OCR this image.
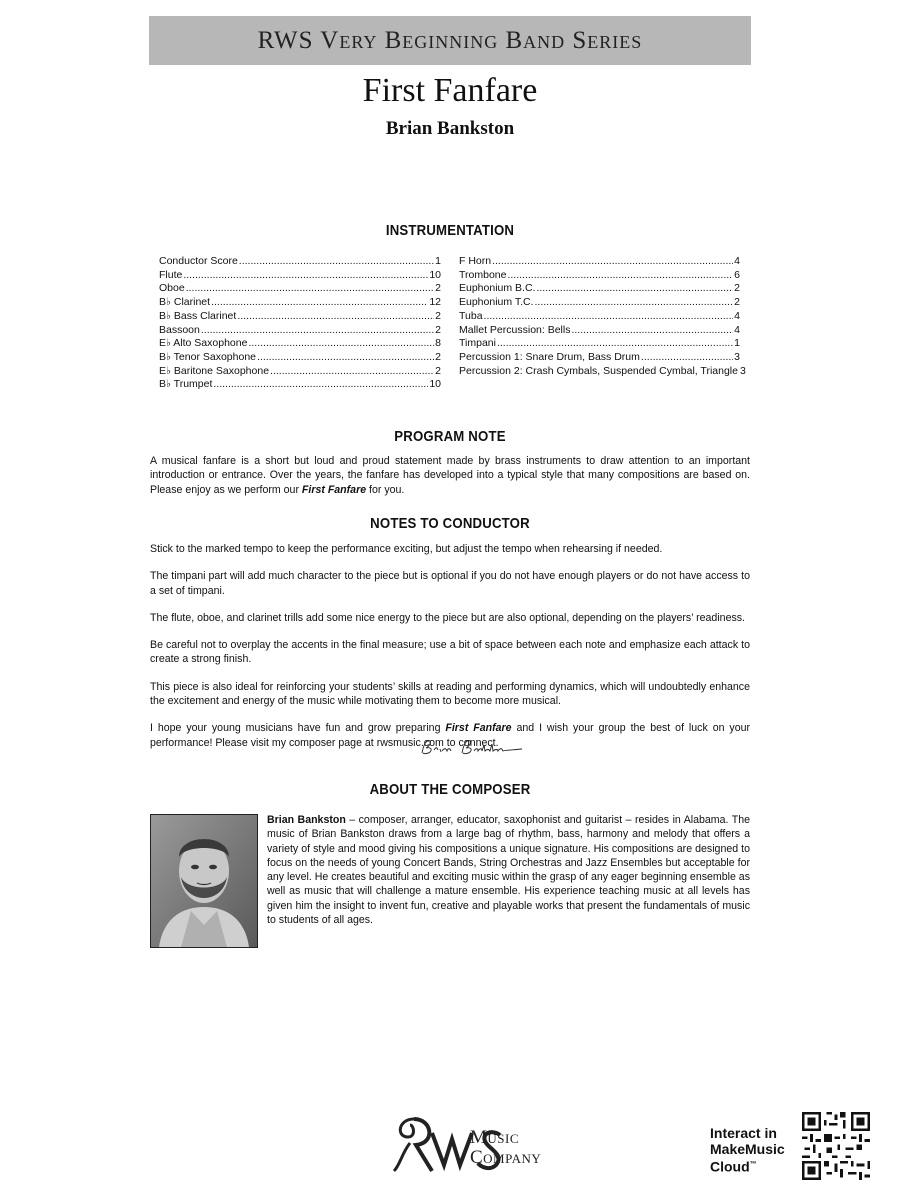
RWS Very Beginning Band Series
First Fanfare
Brian Bankston
INSTRUMENTATION
Conductor Score .....	1
Flute .....	10
Oboe .....	2
B♭ Clarinet .....	12
B♭ Bass Clarinet .....	2
Bassoon .....	2
E♭ Alto Saxophone .....	8
B♭ Tenor Saxophone .....	2
E♭ Baritone Saxophone .....	2
B♭ Trumpet .....	10
F Horn .....	4
Trombone .....	6
Euphonium B.C. .....	2
Euphonium T.C. .....	2
Tuba .....	4
Mallet Percussion: Bells .....	4
Timpani .....	1
Percussion 1: Snare Drum, Bass Drum .....	3
Percussion 2: Crash Cymbals, Suspended Cymbal, Triangle 3
PROGRAM NOTE

A musical fanfare is a short but loud and proud statement made by brass instruments to draw attention to an important introduction or entrance. Over the years, the fanfare has developed into a typical style that many compositions are based on. Please enjoy as we perform our First Fanfare for you.

NOTES TO CONDUCTOR

Stick to the marked tempo to keep the performance exciting, but adjust the tempo when rehearsing if needed.

The timpani part will add much character to the piece but is optional if you do not have enough players or do not have access to a set of timpani.

The flute, oboe, and clarinet trills add some nice energy to the piece but are also optional, depending on the players’ readiness.

Be careful not to overplay the accents in the final measure; use a bit of space between each note and emphasize each attack to create a strong finish.

This piece is also ideal for reinforcing your students’ skills at reading and performing dynamics, which will undoubtedly enhance the excitement and energy of the music while motivating them to become more musical.

I hope your young musicians have fun and grow preparing First Fanfare and I wish your group the best of luck on your performance! Please visit my composer page at rwsmusic.com to connect.

ABOUT THE COMPOSER
Brian Bankston – composer, arranger, educator, saxophonist and guitarist – resides in Alabama. The music of Brian Bankston draws from a large bag of rhythm, bass, harmony and melody that offers a variety of style and mood giving his compositions a unique signature. His compositions are designed to focus on the needs of young Concert Bands, String Orchestras and Jazz Ensembles but acceptable for any level. He creates beautiful and exciting music within the grasp of any eager beginning ensemble as well as music that will challenge a mature ensemble. His experience teaching music at all levels has given him the insight to invent fun, creative and playable works that present the fundamentals of music to students of all ages.
Music
Company
Interact in
MakeMusic
Cloud™
